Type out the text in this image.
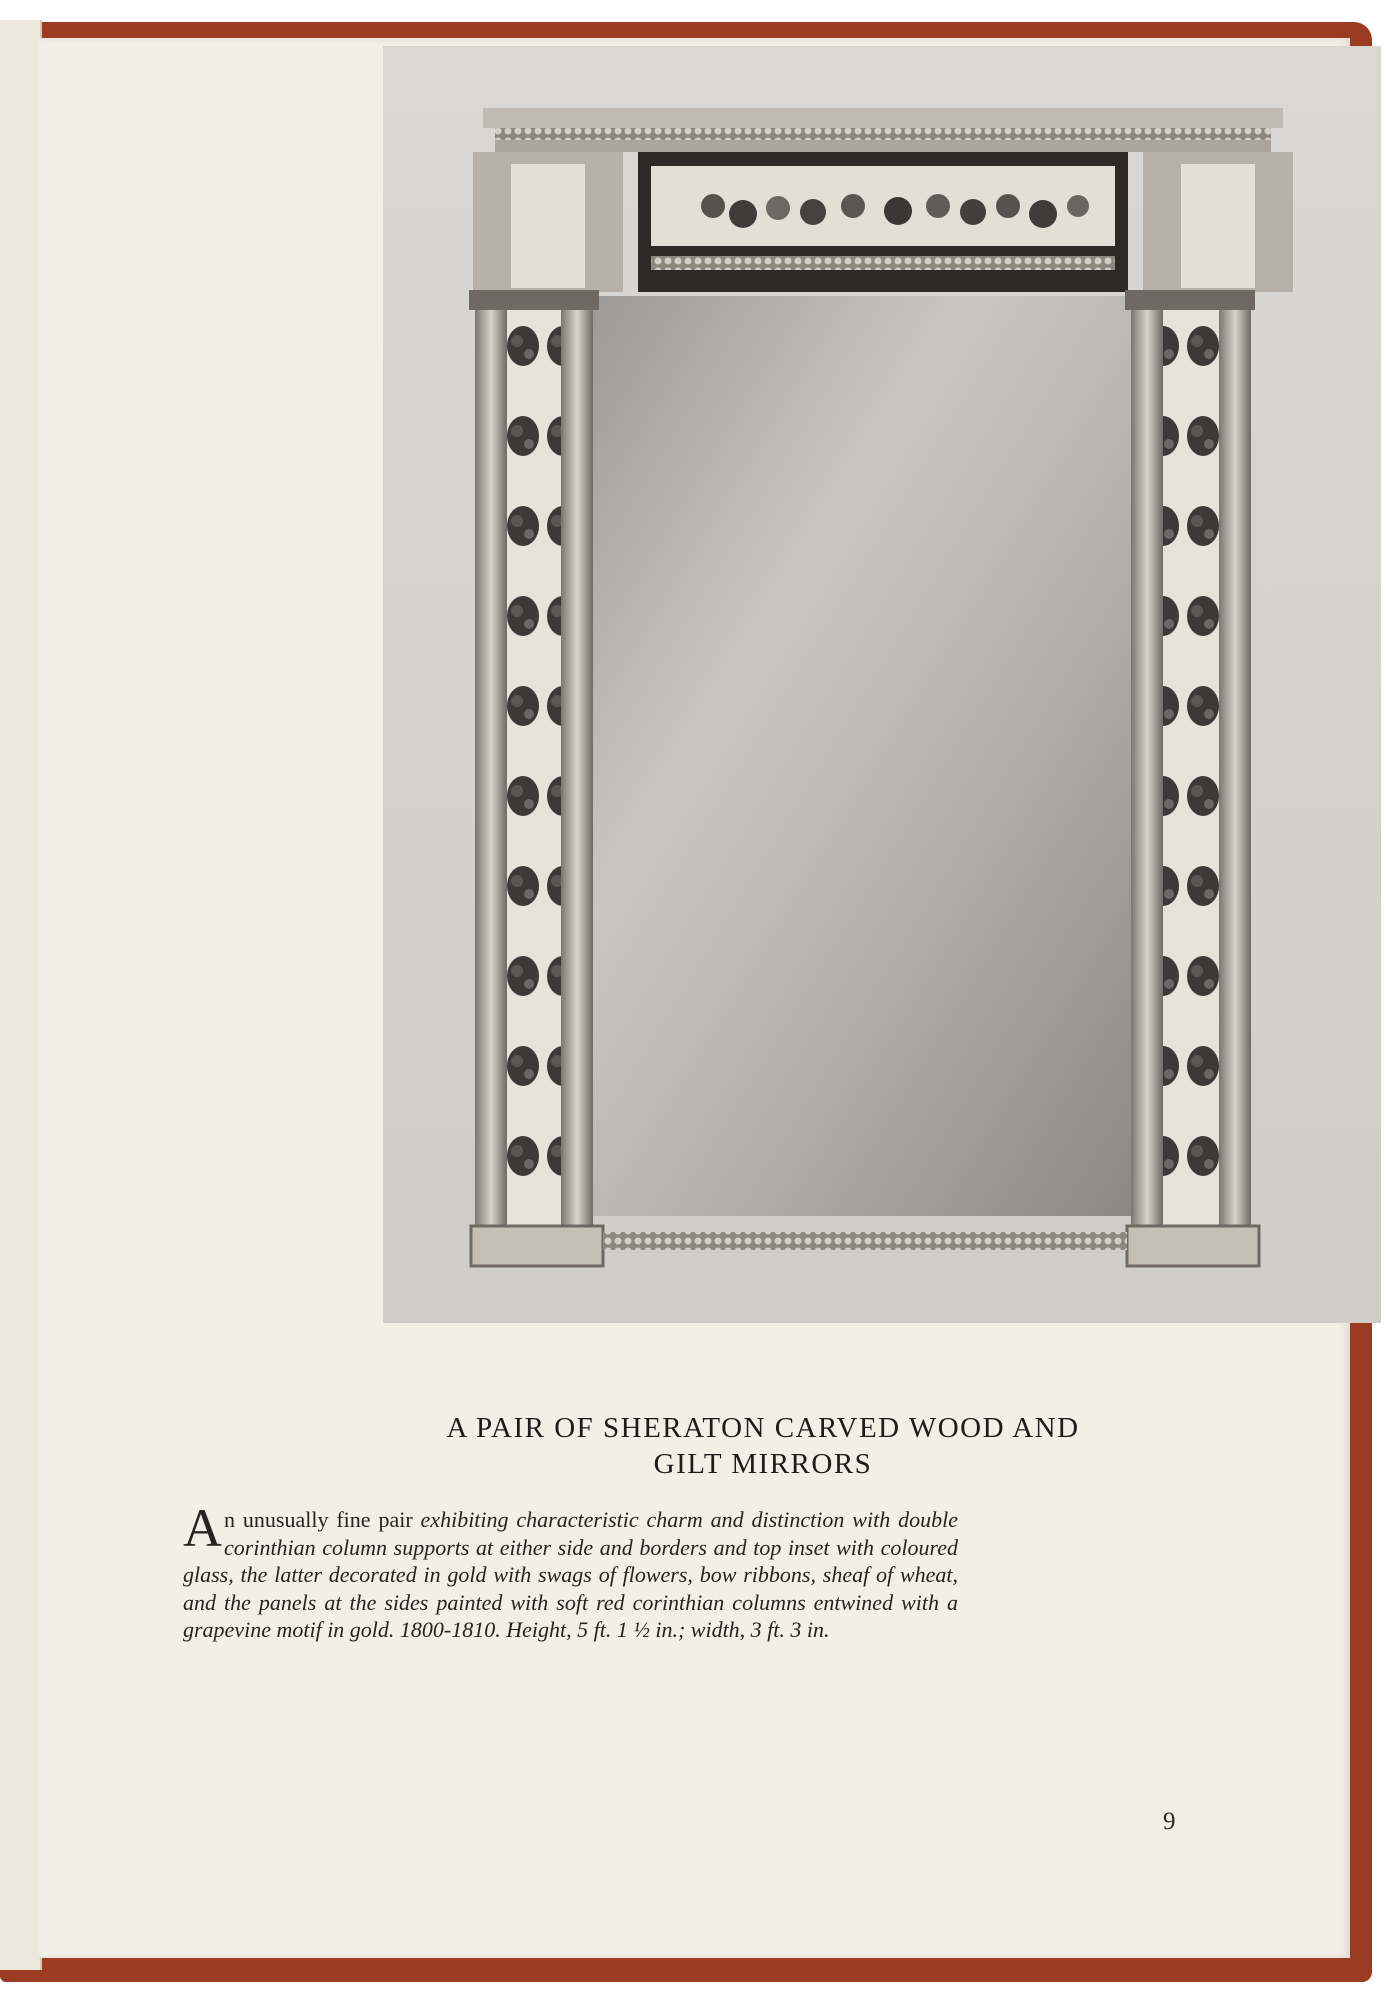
A PAIR OF SHERATON CARVED WOOD AND
GILT MIRRORS
An unusually fine pair exhibiting characteristic charm and distinction with double corinthian column supports at either side and borders and top inset with coloured glass, the latter decorated in gold with swags of flowers, bow ribbons, sheaf of wheat, and the panels at the sides painted with soft red corinthian columns entwined with a grapevine motif in gold. 1800-1810. Height, 5 ft. 1 ½ in.; width, 3 ft. 3 in.
9
